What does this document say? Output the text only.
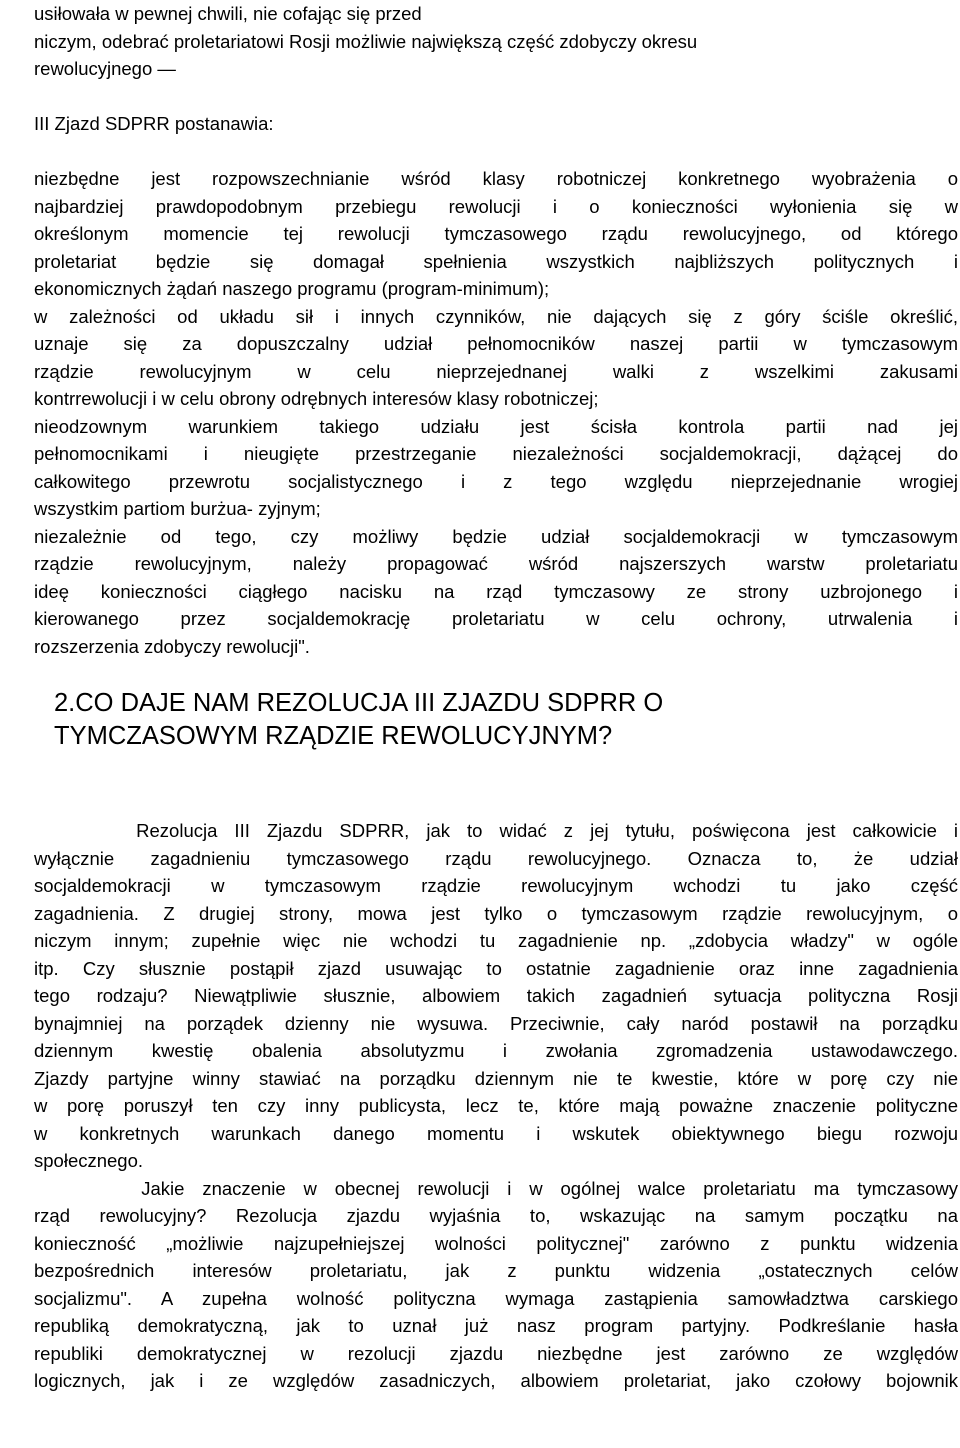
usiłowała w pewnej chwili, nie cofając się przed
niczym, odebrać proletariatowi Rosji możliwie największą część zdobyczy okresu
rewolucyjnego —
III Zjazd SDPRR postanawia:
niezbędne jest rozpowszechnianie wśród klasy robotniczej konkretnego wyobrażenia o
najbardziej prawdopodobnym przebiegu rewolucji i o konieczności wyłonienia się w
określonym momencie tej rewolucji tymczasowego rządu rewolucyjnego, od którego
proletariat będzie się domagał spełnienia wszystkich najbliższych politycznych i
ekonomicznych żądań naszego programu (program-minimum);
w zależności od układu sił i innych czynników, nie dających się z góry ściśle określić,
uznaje się za dopuszczalny udział pełnomocników naszej partii w tymczasowym
rządzie rewolucyjnym w celu nieprzejednanej walki z wszelkimi zakusami
kontrrewolucji i w celu obrony odrębnych interesów klasy robotniczej;
nieodzownym warunkiem takiego udziału jest ścisła kontrola partii nad jej
pełnomocnikami i nieugięte przestrzeganie niezależności socjaldemokracji, dążącej do
całkowitego przewrotu socjalistycznego i z tego względu nieprzejednanie wrogiej
wszystkim partiom burżua- zyjnym;
niezależnie od tego, czy możliwy będzie udział socjaldemokracji w tymczasowym
rządzie rewolucyjnym, należy propagować wśród najszerszych warstw proletariatu
ideę konieczności ciągłego nacisku na rząd tymczasowy ze strony uzbrojonego i
kierowanego przez socjaldemokrację proletariatu w celu ochrony, utrwalenia i
rozszerzenia zdobyczy rewolucji".
2.CO DAJE NAM REZOLUCJA III ZJAZDU SDPRR O
TYMCZASOWYM RZĄDZIE REWOLUCYJNYM?
Rezolucja III Zjazdu SDPRR, jak to widać z jej tytułu, poświęcona jest całkowicie i
wyłącznie zagadnieniu tymczasowego rządu rewolucyjnego. Oznacza to, że udział
socjaldemokracji w tymczasowym rządzie rewolucyjnym wchodzi tu jako część
zagadnienia. Z drugiej strony, mowa jest tylko o tymczasowym rządzie rewolucyjnym, o
niczym innym; zupełnie więc nie wchodzi tu zagadnienie np. „zdobycia władzy" w ogóle
itp. Czy słusznie postąpił zjazd usuwając to ostatnie zagadnienie oraz inne zagadnienia
tego rodzaju? Niewątpliwie słusznie, albowiem takich zagadnień sytuacja polityczna Rosji
bynajmniej na porządek dzienny nie wysuwa. Przeciwnie, cały naród postawił na porządku
dziennym kwestię obalenia absolutyzmu i zwołania zgromadzenia ustawodawczego.
Zjazdy partyjne winny stawiać na porządku dziennym nie te kwestie, które w porę czy nie
w porę poruszył ten czy inny publicysta, lecz te, które mają poważne znaczenie polityczne
w konkretnych warunkach danego momentu i wskutek obiektywnego biegu rozwoju
społecznego.
Jakie znaczenie w obecnej rewolucji i w ogólnej walce proletariatu ma tymczasowy
rząd rewolucyjny? Rezolucja zjazdu wyjaśnia to, wskazując na samym początku na
konieczność „możliwie najzupełniejszej wolności politycznej" zarówno z punktu widzenia
bezpośrednich interesów proletariatu, jak z punktu widzenia „ostatecznych celów
socjalizmu". A zupełna wolność polityczna wymaga zastąpienia samowładztwa carskiego
republiką demokratyczną, jak to uznał już nasz program partyjny. Podkreślanie hasła
republiki demokratycznej w rezolucji zjazdu niezbędne jest zarówno ze względów
logicznych, jak i ze względów zasadniczych, albowiem proletariat, jako czołowy bojownik
